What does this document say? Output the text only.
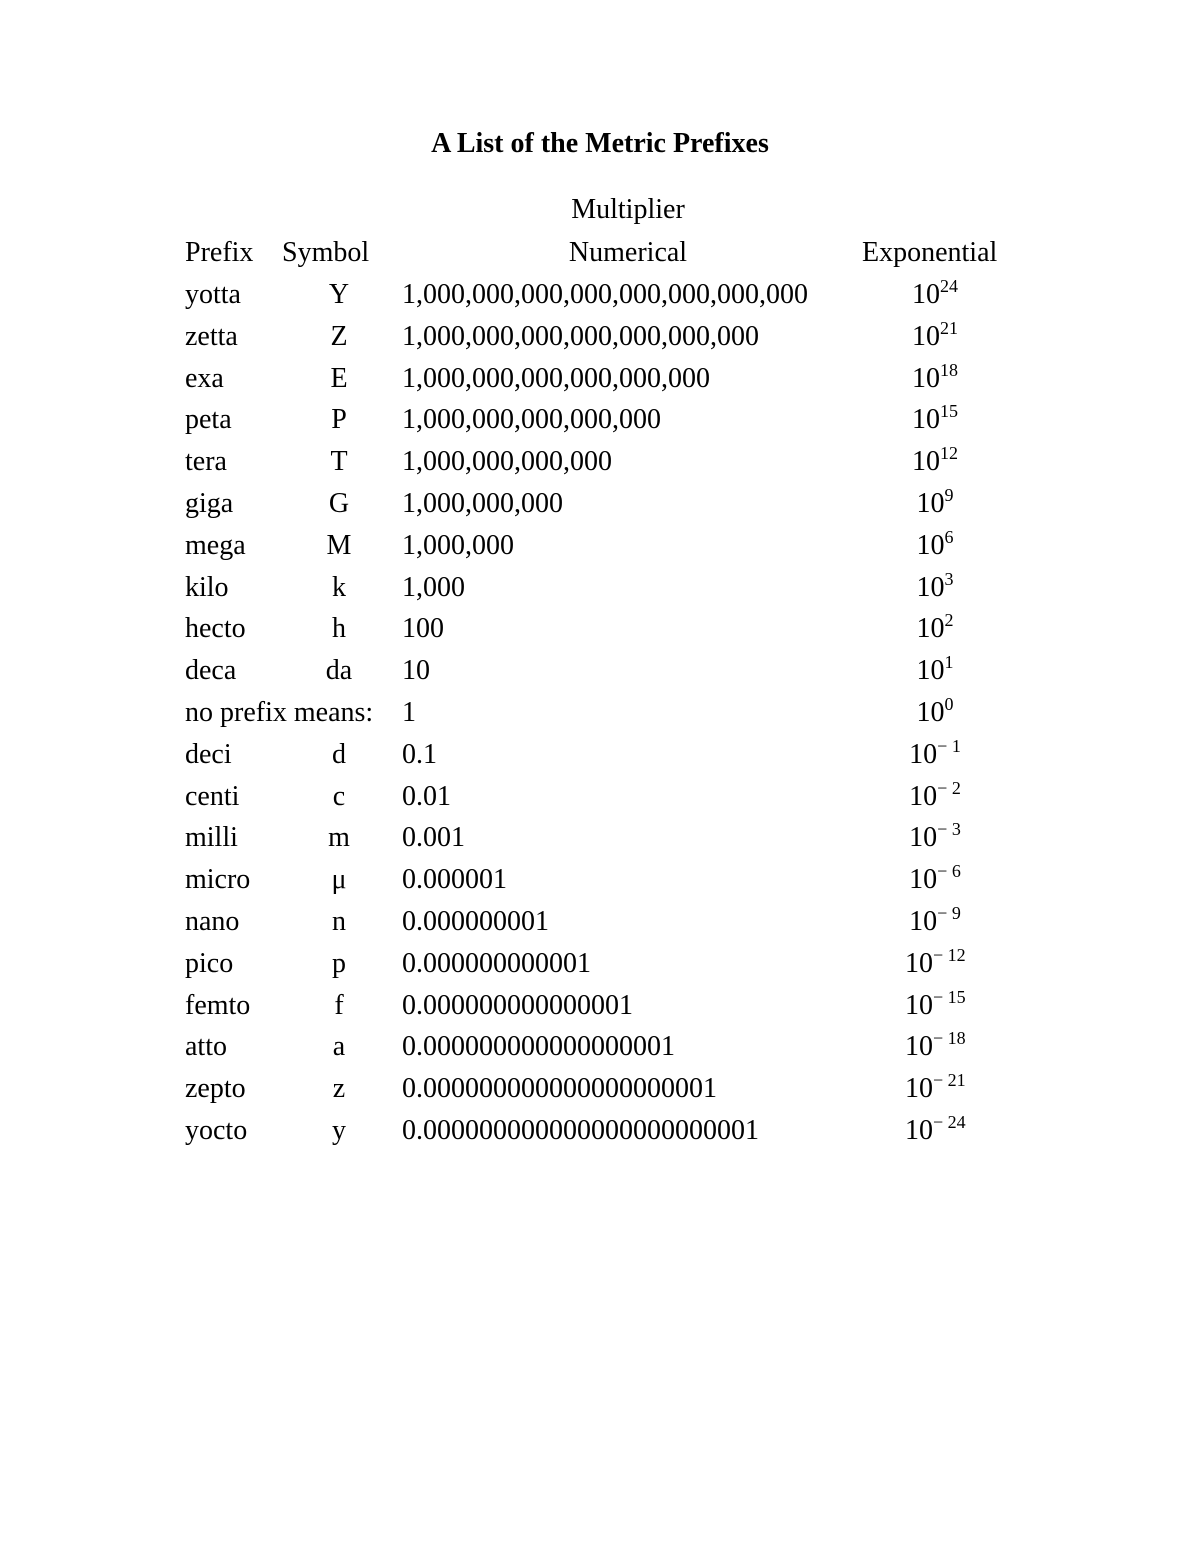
A List of the Metric Prefixes
Multiplier
Prefix Symbol	Numerical	Exponential
yotta	Y	1,000,000,000,000,000,000,000,000	$10^{24}$
zetta	Z	1,000,000,000,000,000,000,000	$10^{21}$
exa	E	1,000,000,000,000,000,000	$10^{18}$
peta	P	1,000,000,000,000,000	$10^{15}$
tera	T	1,000,000,000,000	$10^{12}$
giga	G	1,000,000,000	$10^9$
mega	M	1,000,000	$10^6$
kilo	k	1,000	$10^3$
hecto	h	100	$10^2$
deca	da	10	$10^1$
no prefix means: 1	$10^0$
deci	d	0.1	$10^{- 1}$
centi	c	0.01	$10^{- 2}$
milli	m	0.001	$10^{- 3}$
micro	μ	0.000001	$10^{- 6}$
nano	n	0.000000001	$10^{- 9}$
pico	p	0.000000000001	$10^{- 12}$
femto	f	0.000000000000001	$10^{- 15}$
atto	a	0.000000000000000001	$10^{- 18}$
zepto	z	0.000000000000000000001	$10^{- 21}$
yocto	y	0.000000000000000000000001	$10^{- 24}$
